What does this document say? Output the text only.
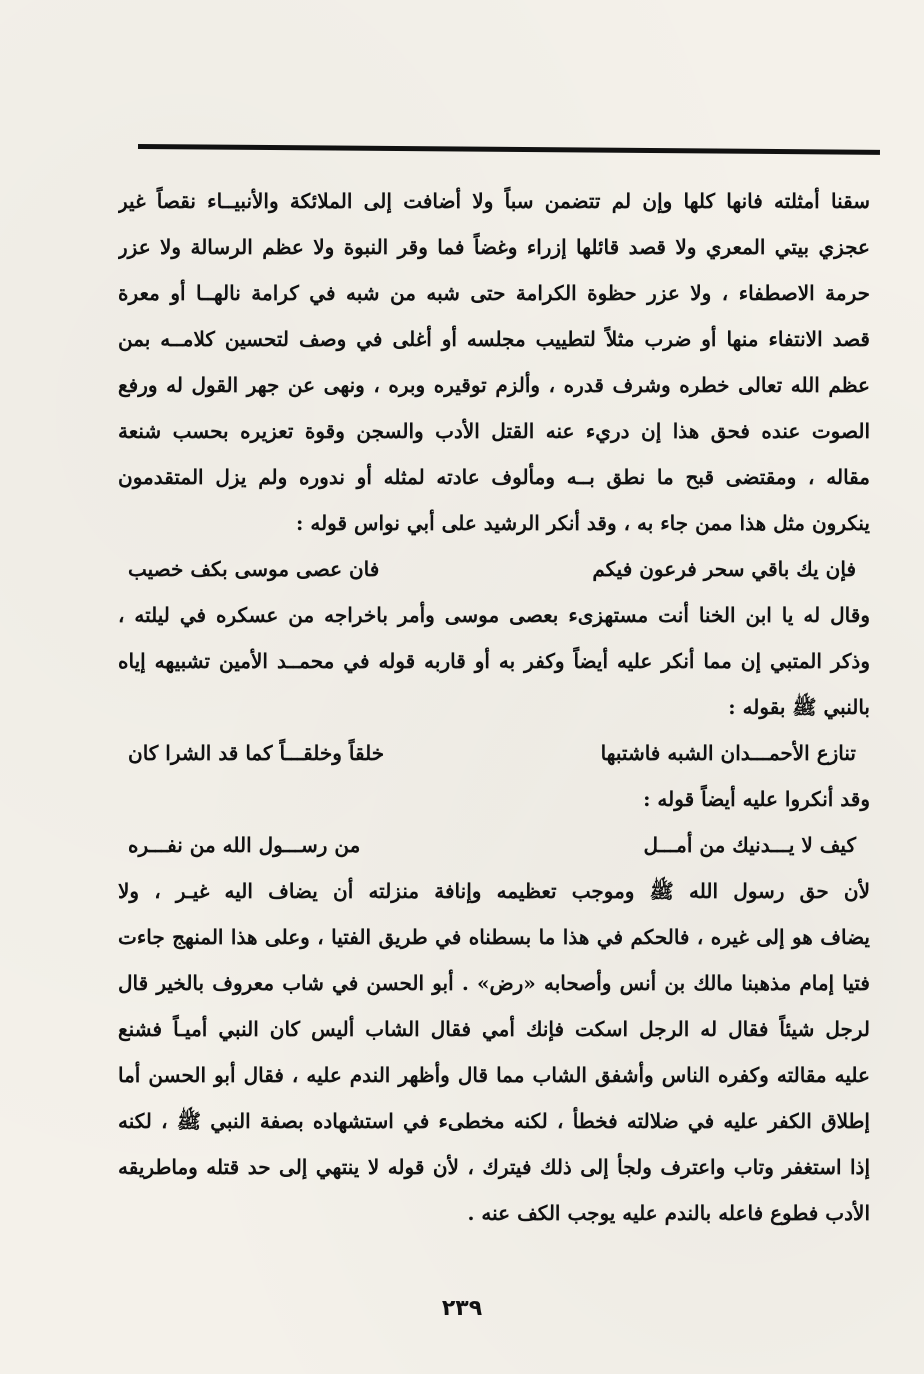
سقنا أمثلته فانها كلها وإن لم تتضمن سباً ولا أضافت إلى الملائكة والأنبيــاء نقصاً غير
عجزي بيتي المعري ولا قصد قائلها إزراء وغضاً فما وقر النبوة ولا عظم الرسالة ولا عزر
حرمة الاصطفاء ، ولا عزر حظوة الكرامة حتى شبه من شبه في كرامة نالهــا أو معرة
قصد الانتفاء منها أو ضرب مثلاً لتطييب مجلسه أو أغلى في وصف لتحسين كلامــه بمن
عظم الله تعالى خطره وشرف قدره ، وألزم توقيره وبره ، ونهى عن جهر القول له ورفع
الصوت عنده فحق هذا إن دريء عنه القتل الأدب والسجن وقوة تعزيره بحسب شنعة
مقاله ، ومقتضى قبح ما نطق بــه ومألوف عادته لمثله أو ندوره ولم يزل المتقدمون
ينكرون مثل هذا ممن جاء به ، وقد أنكر الرشيد على أبي نواس قوله :
فإن يك باقي سحر فرعون فيكم
فان عصى موسى بكف خصيب
وقال له يا ابن الخنا أنت مستهزىء بعصى موسى وأمر باخراجه من عسكره في ليلته ،
وذكر المتبي إن مما أنكر عليه أيضاً وكفر به أو قاربه قوله في محمــد الأمين تشبيهه إياه
بالنبي ﷺ بقوله :
تنازع الأحمـــدان الشبه فاشتبها
خلقاً وخلقـــاً كما قد الشرا كان
وقد أنكروا عليه أيضاً قوله :
كيف لا يـــدنيك من أمـــل
من رســـول الله من نفـــره
لأن حق رسول الله ﷺ وموجب تعظيمه وإنافة منزلته أن يضاف اليه غيـر ، ولا
يضاف هو إلى غيره ، فالحكم في هذا ما بسطناه في طريق الفتيا ، وعلى هذا المنهج جاءت
فتيا إمام مذهبنا مالك بن أنس وأصحابه «رض» . أبو الحسن في شاب معروف بالخير قال
لرجل شيئاً فقال له الرجل اسكت فإنك أمي فقال الشاب أليس كان النبي أميـاً فشنع
عليه مقالته وكفره الناس وأشفق الشاب مما قال وأظهر الندم عليه ، فقال أبو الحسن أما
إطلاق الكفر عليه في ضلالته فخطأ ، لكنه مخطىء في استشهاده بصفة النبي ﷺ ، لكنه
إذا استغفر وتاب واعترف ولجأ إلى ذلك فيترك ، لأن قوله لا ينتهي إلى حد قتله وماطريقه
الأدب فطوع فاعله بالندم عليه يوجب الكف عنه .
٢٣٩
